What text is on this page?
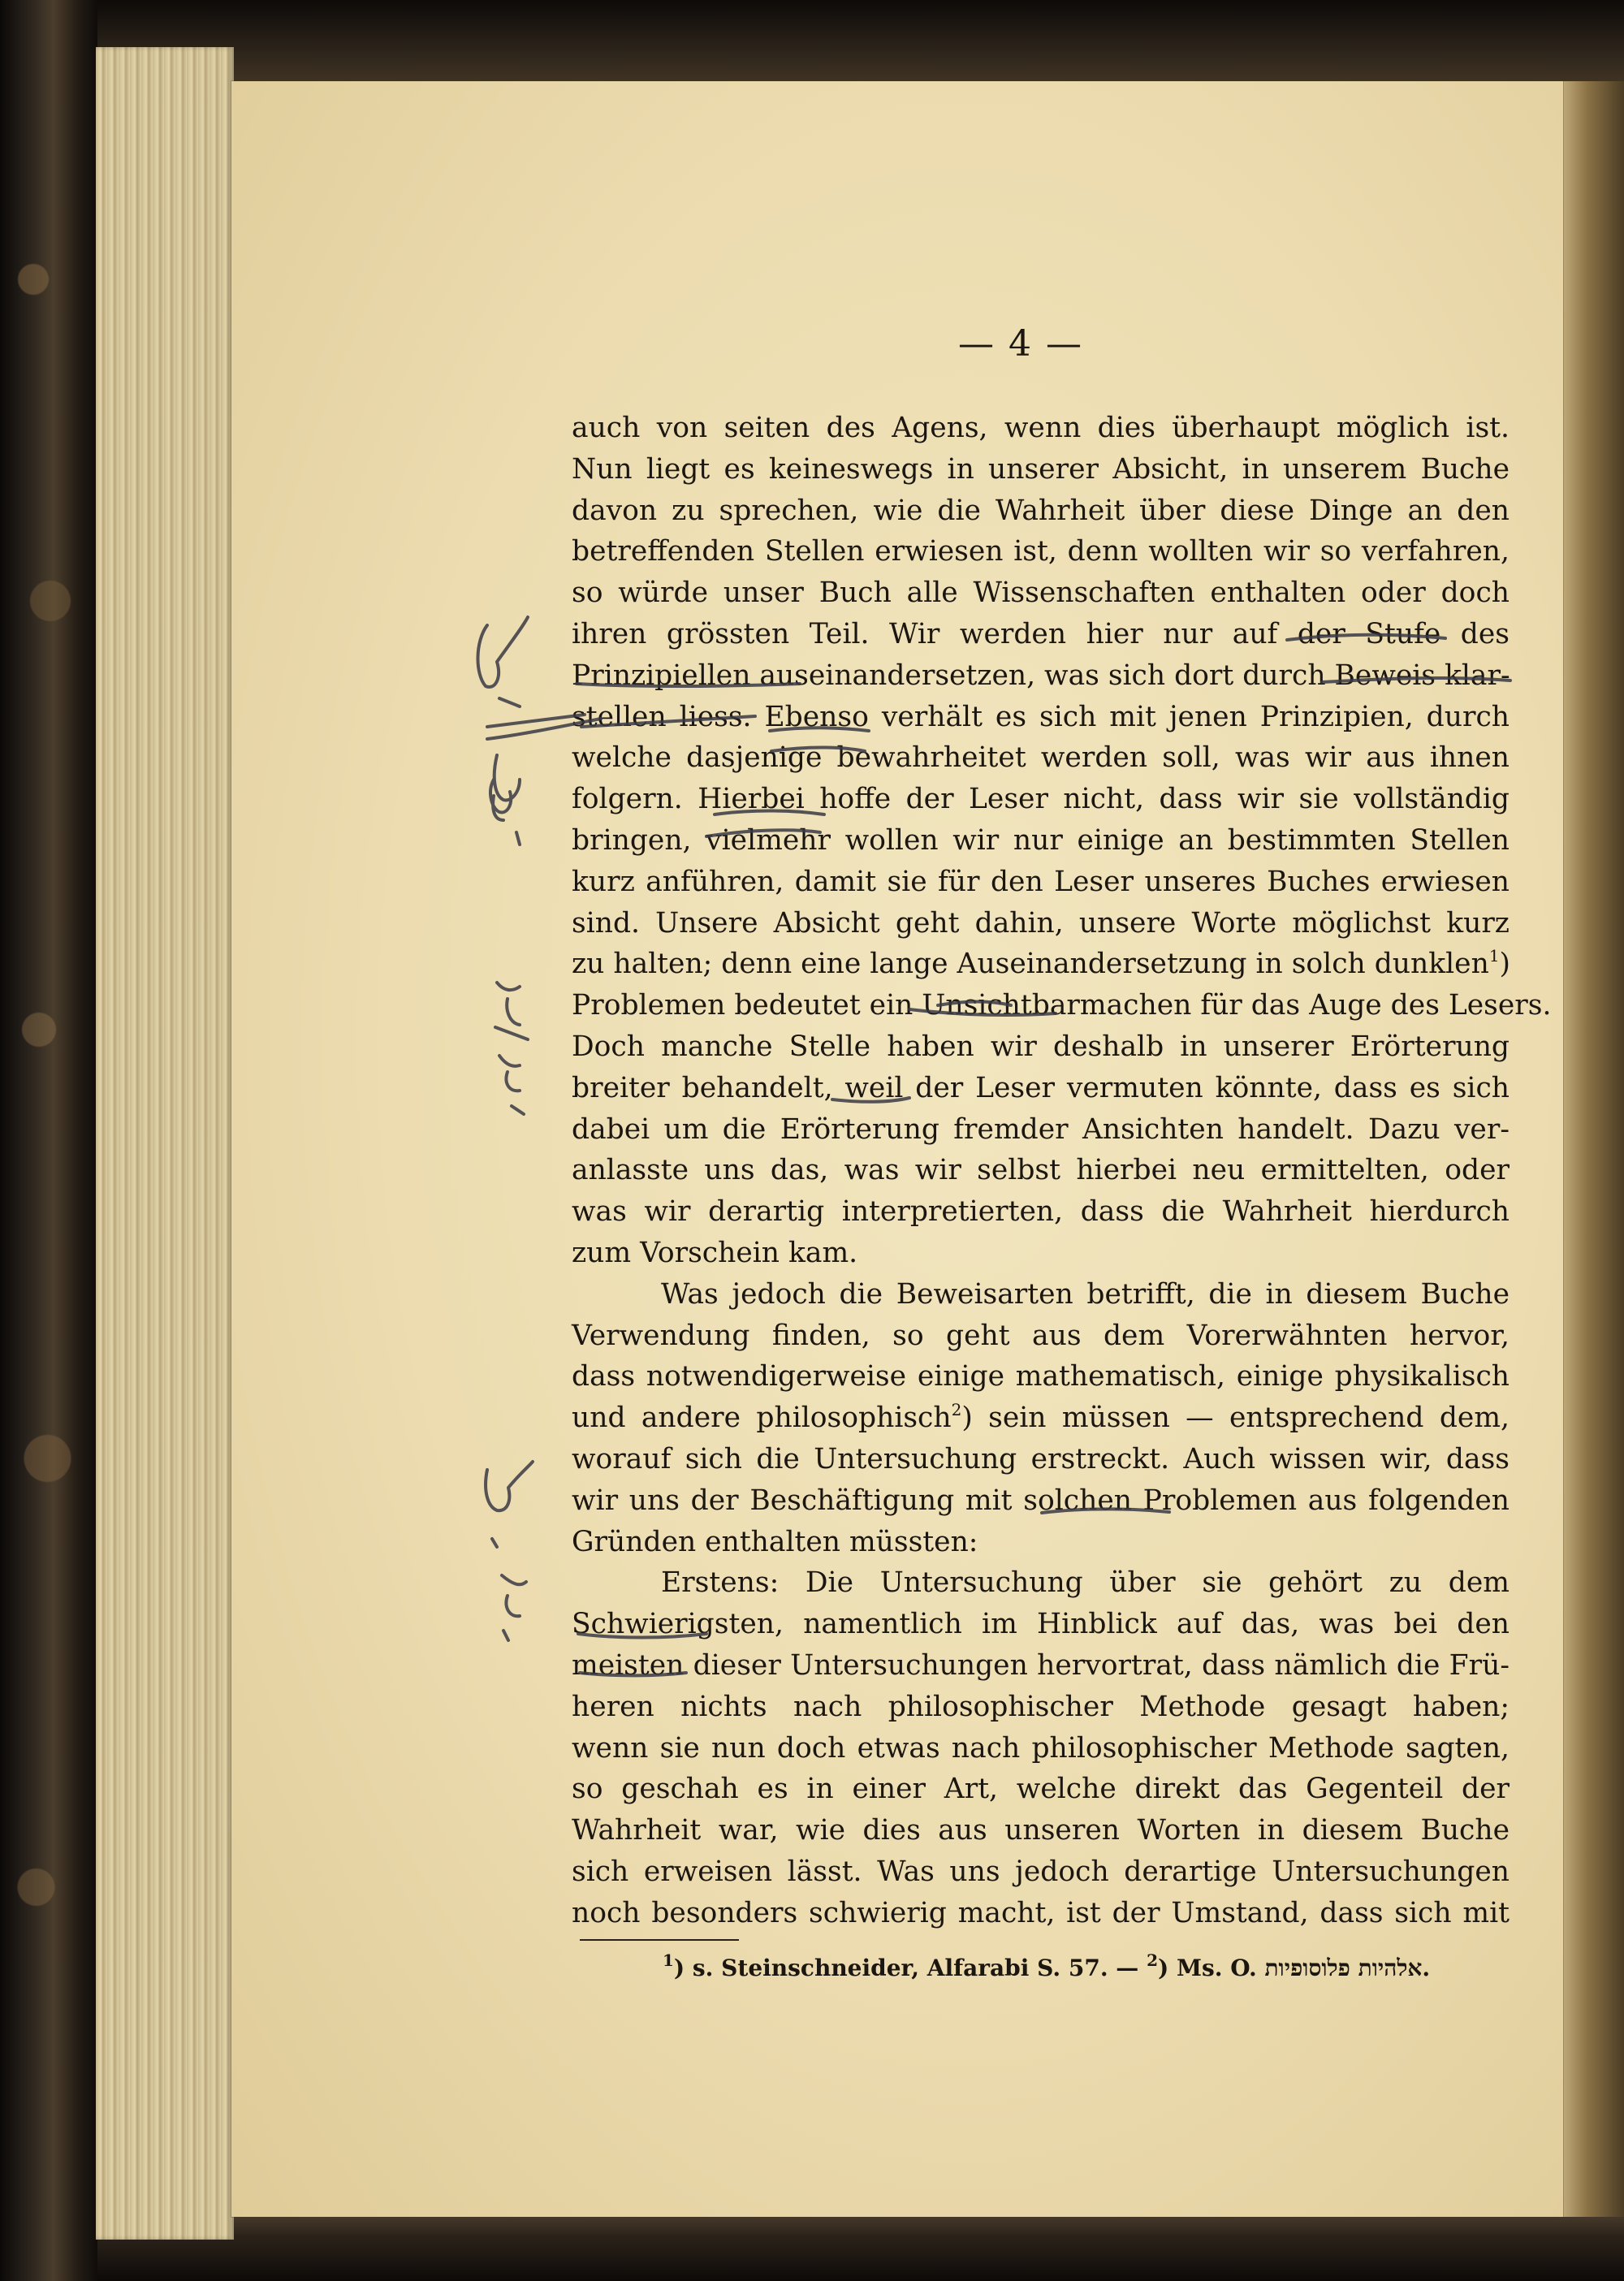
— 4 —
auch von seiten des Agens, wenn dies überhaupt möglich ist.
Nun liegt es keineswegs in unserer Absicht, in unserem Buche
davon zu sprechen, wie die Wahrheit über diese Dinge an den
betreffenden Stellen erwiesen ist, denn wollten wir so verfahren,
so würde unser Buch alle Wissenschaften enthalten oder doch
ihren grössten Teil. Wir werden hier nur auf der Stufe des
Prinzipiellen auseinandersetzen, was sich dort durch Beweis klar-
stellen liess. Ebenso verhält es sich mit jenen Prinzipien, durch
welche dasjenige bewahrheitet werden soll, was wir aus ihnen
folgern. Hierbei hoffe der Leser nicht, dass wir sie vollständig
bringen, vielmehr wollen wir nur einige an bestimmten Stellen
kurz anführen, damit sie für den Leser unseres Buches erwiesen
sind. Unsere Absicht geht dahin, unsere Worte möglichst kurz
zu halten; denn eine lange Auseinandersetzung in solch dunklen$^1$)
Problemen bedeutet ein Unsichtbarmachen für das Auge des Lesers.
Doch manche Stelle haben wir deshalb in unserer Erörterung
breiter behandelt, weil der Leser vermuten könnte, dass es sich
dabei um die Erörterung fremder Ansichten handelt. Dazu ver-
anlasste uns das, was wir selbst hierbei neu ermittelten, oder
was wir derartig interpretierten, dass die Wahrheit hierdurch
zum Vorschein kam.
Was jedoch die Beweisarten betrifft, die in diesem Buche
Verwendung finden, so geht aus dem Vorerwähnten hervor,
dass notwendigerweise einige mathematisch, einige physikalisch
und andere philosophisch$^2$) sein müssen — entsprechend dem,
worauf sich die Untersuchung erstreckt. Auch wissen wir, dass
wir uns der Beschäftigung mit solchen Problemen aus folgenden
Gründen enthalten müssten:
Erstens: Die Untersuchung über sie gehört zu dem
Schwierigsten, namentlich im Hinblick auf das, was bei den
meisten dieser Untersuchungen hervortrat, dass nämlich die Frü-
heren nichts nach philosophischer Methode gesagt haben;
wenn sie nun doch etwas nach philosophischer Methode sagten,
so geschah es in einer Art, welche direkt das Gegenteil der
Wahrheit war, wie dies aus unseren Worten in diesem Buche
sich erweisen lässt. Was uns jedoch derartige Untersuchungen
noch besonders schwierig macht, ist der Umstand, dass sich mit
$^1$) s. Steinschneider, Alfarabi S. 57. — $^2$) Ms. O. אלהיות פלוסופיות.
